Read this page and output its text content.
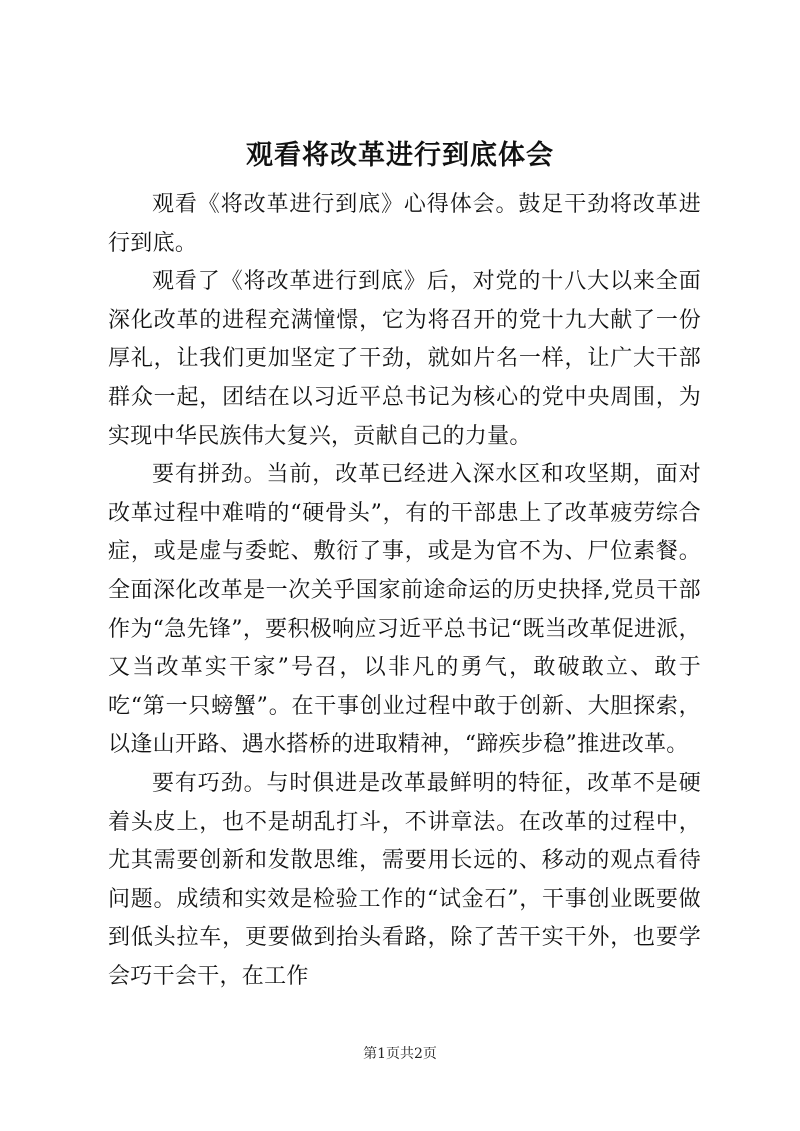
观看将改革进行到底体会

观看《将改革进行到底》心得体会。鼓足干劲将改革进行到底。

观看了《将改革进行到底》后，对党的十八大以来全面深化改革的进程充满憧憬，它为将召开的党十九大献了一份厚礼，让我们更加坚定了干劲，就如片名一样，让广大干部群众一起，团结在以习近平总书记为核心的党中央周围，为实现中华民族伟大复兴，贡献自己的力量。

要有拼劲。当前，改革已经进入深水区和攻坚期，面对改革过程中难啃的“硬骨头”，有的干部患上了改革疲劳综合症，或是虚与委蛇、敷衍了事，或是为官不为、尸位素餐。全面深化改革是一次关乎国家前途命运的历史抉择,党员干部作为“急先锋”，要积极响应习近平总书记“既当改革促进派，又当改革实干家”号召，以非凡的勇气，敢破敢立、敢于吃“第一只螃蟹”。在干事创业过程中敢于创新、大胆探索，以逢山开路、遇水搭桥的进取精神，“蹄疾步稳”推进改革。

要有巧劲。与时俱进是改革最鲜明的特征，改革不是硬着头皮上，也不是胡乱打斗，不讲章法。在改革的过程中，尤其需要创新和发散思维，需要用长远的、移动的观点看待问题。成绩和实效是检验工作的“试金石”，干事创业既要做到低头拉车，更要做到抬头看路，除了苦干实干外，也要学会巧干会干，在工作

第1页共2页
